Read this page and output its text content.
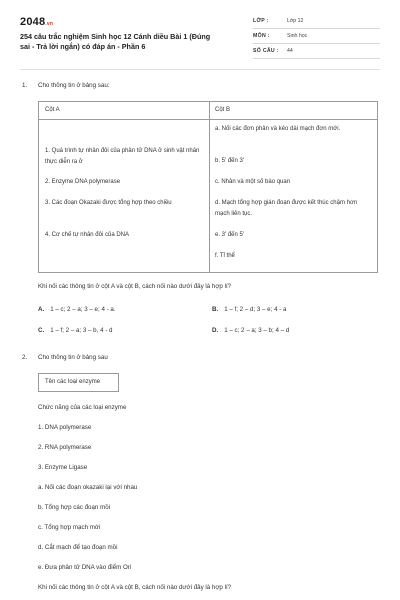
2048.vn
254 câu trắc nghiệm Sinh học 12 Cánh diều Bài 1 (Đúng sai - Trả lời ngắn) có đáp án - Phần 6
LỚP :	Lớp 12
MÔN :	Sinh học
SỐ CÂU : 44
1. Cho thông tin ở bảng sau:
Cột A	Cột B
1. Quá trình tự nhân đôi của phân tử DNA ở sinh vật nhân thực diễn ra ở
2. Enzyme DNA polymerase
3. Các đoạn Okazaki được tổng hợp theo chiều
4. Cơ chế tự nhân đôi của DNA
a. Nối các đơn phân và kéo dài mạch đơn mới.
b. 5' đến 3'
c. Nhân và một số bào quan
d. Mạch tổng hợp gián đoạn được kết thúc chậm hơn mạch liên tục.
e. 3' đến 5'
f. Tỉ thể
Khi nối các thông tin ở cột A và cột B, cách nối nào dưới đây là hợp lí?
A. 1 – c; 2 – a; 3 – e; 4 - a.	B. 1 – f; 2 – d; 3 – e; 4 - a
C. 1 – f; 2 – a; 3 – b, 4 - d	D. 1 – c; 2 – a; 3 – b; 4 – d
2. Cho thông tin ở bảng sau
Tên các loại enzyme
Chức năng của các loại enzyme
1. DNA polymerase
2. RNA polymerase
3. Enzyme Ligase
a. Nối các đoạn okazaki lại với nhau
b. Tổng hợp các đoạn mồi
c. Tổng hợp mạch mới
d. Cắt mạch để tạo đoạn mồi
e. Đưa phân tử DNA vào điểm Ori
Khi nối các thông tin ở cột A và cột B, cách nối nào dưới đây là hợp lí?
